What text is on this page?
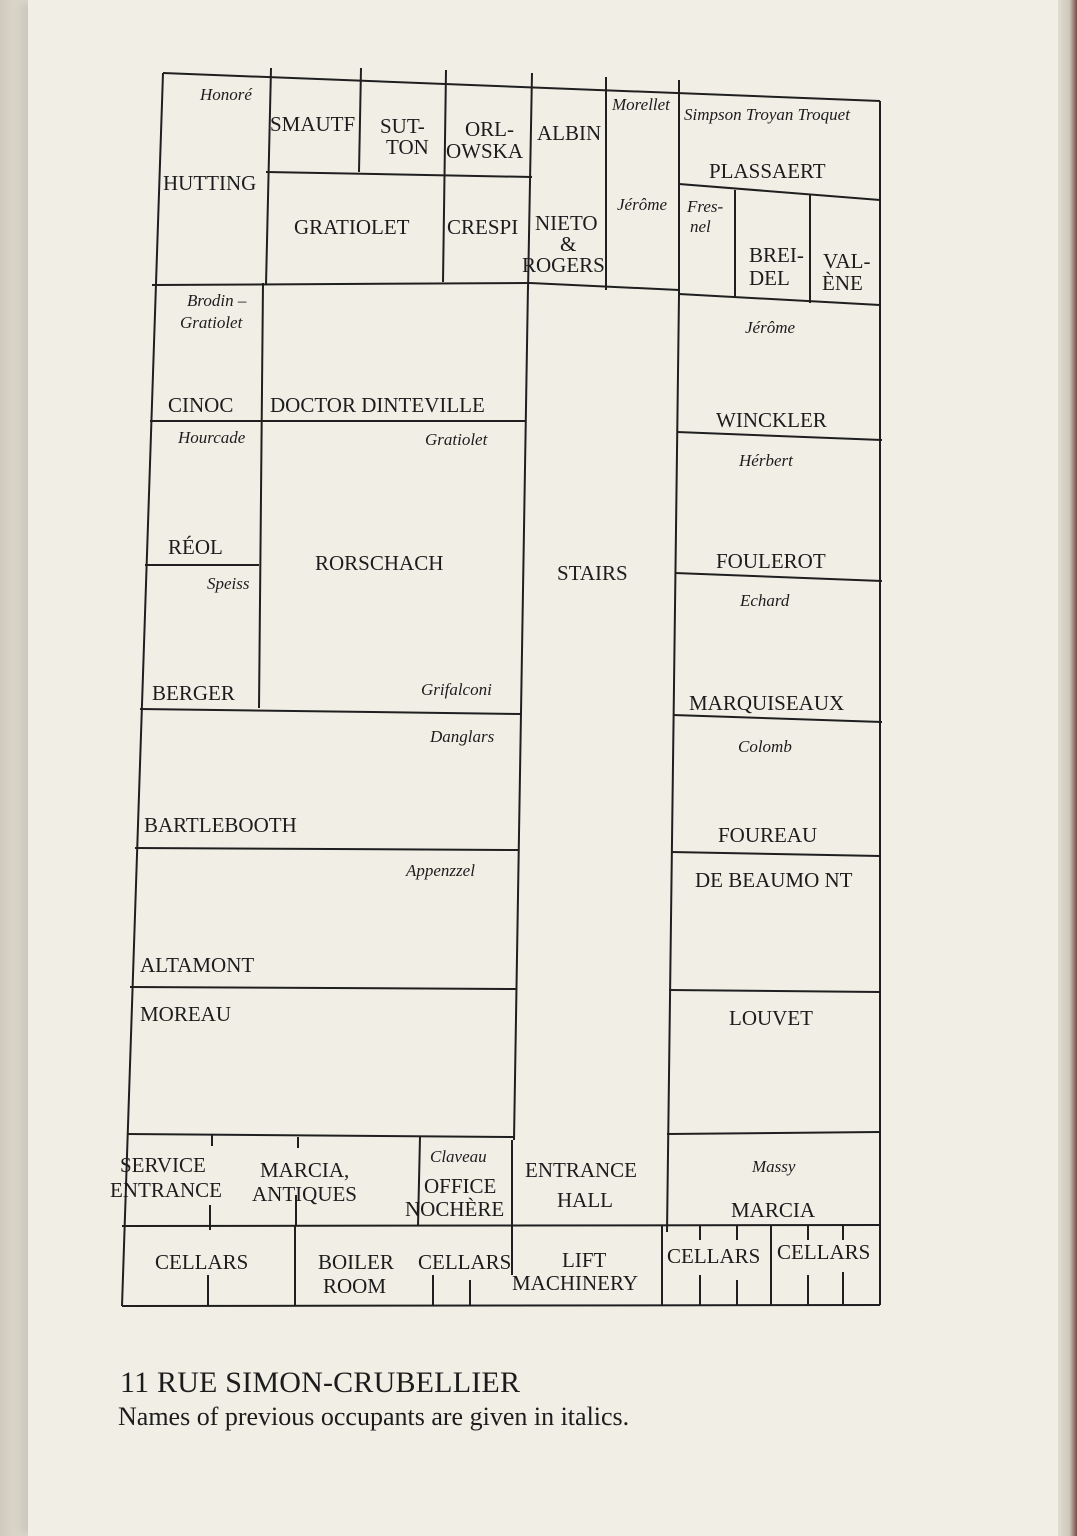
HUTTING
SMAUTF SUT-
TON
ORL-
OWSKA
ALBIN
PLASSAERT
GRATIOLET CRESPI NIETO
&
ROGERS	BREI-
DEL
VAL-
ÈNE
CINOC DOCTOR DINTEVILLE
WINCKLER
RÉOL
RORSCHACH	STAIRS	FOULEROT
BERGER	MARQUISEAUX
BARTLEBOOTH	FOUREAU
DE BEAUMO NT
ALTAMONT
MOREAU	LOUVET
SERVICE
ENTRANCE
MARCIA,
ANTIQUES	OFFICE
NOCHÈRE
ENTRANCE
HALL	MARCIA
CELLARS	BOILER
ROOM
CELLARS LIFT
MACHINERY
CELLARS CELLARS
Honoré
Morellet
Simpson Troyan Troquet
Jérôme Fres-
nel
Brodin –
Gratiolet	Jérôme
Hourcade	Gratiolet
Hérbert
Speiss
Echard
Grifalconi
Danglars
Colomb
Appenzzel
Claveau
Massy
11 RUE SIMON-CRUBELLIER
Names of previous occupants are given in italics.
